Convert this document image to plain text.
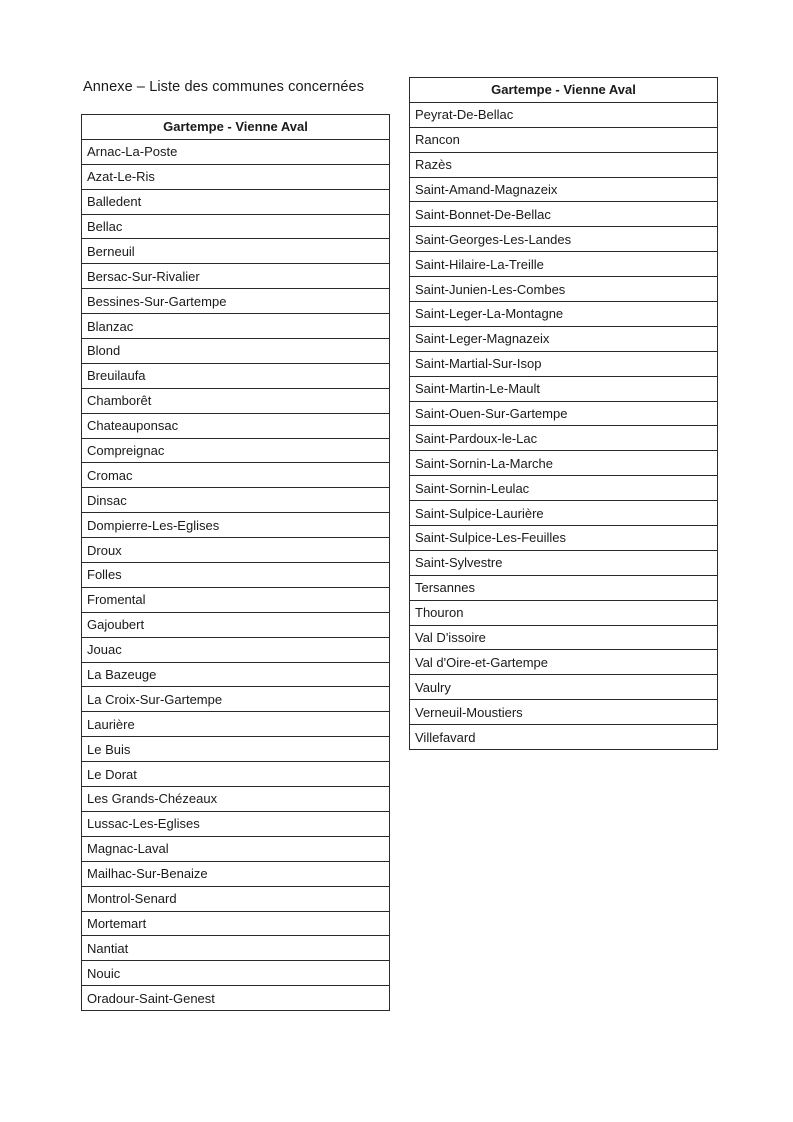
Annexe – Liste des communes concernées
Gartempe - Vienne Aval
Arnac-La-Poste
Azat-Le-Ris
Balledent
Bellac
Berneuil
Bersac-Sur-Rivalier
Bessines-Sur-Gartempe
Blanzac
Blond
Breuilaufa
Chamborêt
Chateauponsac
Compreignac
Cromac
Dinsac
Dompierre-Les-Eglises
Droux
Folles
Fromental
Gajoubert
Jouac
La Bazeuge
La Croix-Sur-Gartempe
Laurière
Le Buis
Le Dorat
Les Grands-Chézeaux
Lussac-Les-Eglises
Magnac-Laval
Mailhac-Sur-Benaize
Montrol-Senard
Mortemart
Nantiat
Nouic
Oradour-Saint-Genest
Gartempe - Vienne Aval
Peyrat-De-Bellac
Rancon
Razès
Saint-Amand-Magnazeix
Saint-Bonnet-De-Bellac
Saint-Georges-Les-Landes
Saint-Hilaire-La-Treille
Saint-Junien-Les-Combes
Saint-Leger-La-Montagne
Saint-Leger-Magnazeix
Saint-Martial-Sur-Isop
Saint-Martin-Le-Mault
Saint-Ouen-Sur-Gartempe
Saint-Pardoux-le-Lac
Saint-Sornin-La-Marche
Saint-Sornin-Leulac
Saint-Sulpice-Laurière
Saint-Sulpice-Les-Feuilles
Saint-Sylvestre
Tersannes
Thouron
Val D'issoire
Val d'Oire-et-Gartempe
Vaulry
Verneuil-Moustiers
Villefavard
